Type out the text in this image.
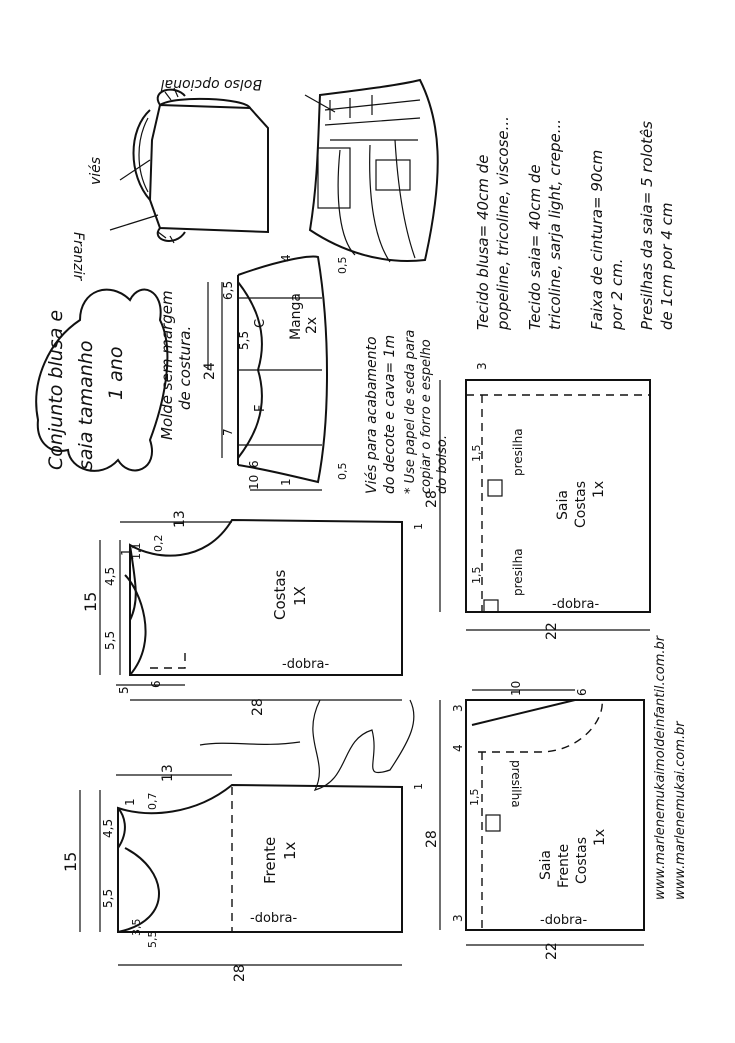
Bolso opcional
viés
Franzir
Conjunto blusa e saia tamanho 1 ano Molde sem margem de costura.
Manga 2x
C
F
6,5
5,5
24
7
6
10
4
1
0,5
0,5 Viés para acabamento do decote e cava= 1m * Use papel de seda para copiar o forro e espelho do bolso.
Tecido blusa= 40cm de popeline, tricoline, viscose... Tecido saia= 40cm de tricoline, sarja light, crepe... Faixa de cintura= 90cm por 2 cm. Presilhas da saia= 5 rolotês de 1cm por 4 cm
Costas 1X
-dobra-
13
15
4,5
5,5
1
0,2
1,1
6
5
28
1
Frente 1x
-dobra-
13
15
4,5
5,5
1 0,7
3,5
5,5
28
1
Saia Costas 1x
presilha
presilha
-dobra-
28
22
3
1,5
1,5
Saia Frente Costas 1x
presilha
-dobra-
10	6
3
4
1,5
28
22
3
www.marlenemukaimoldeinfantil.com.br www.marlenemukai.com.br
